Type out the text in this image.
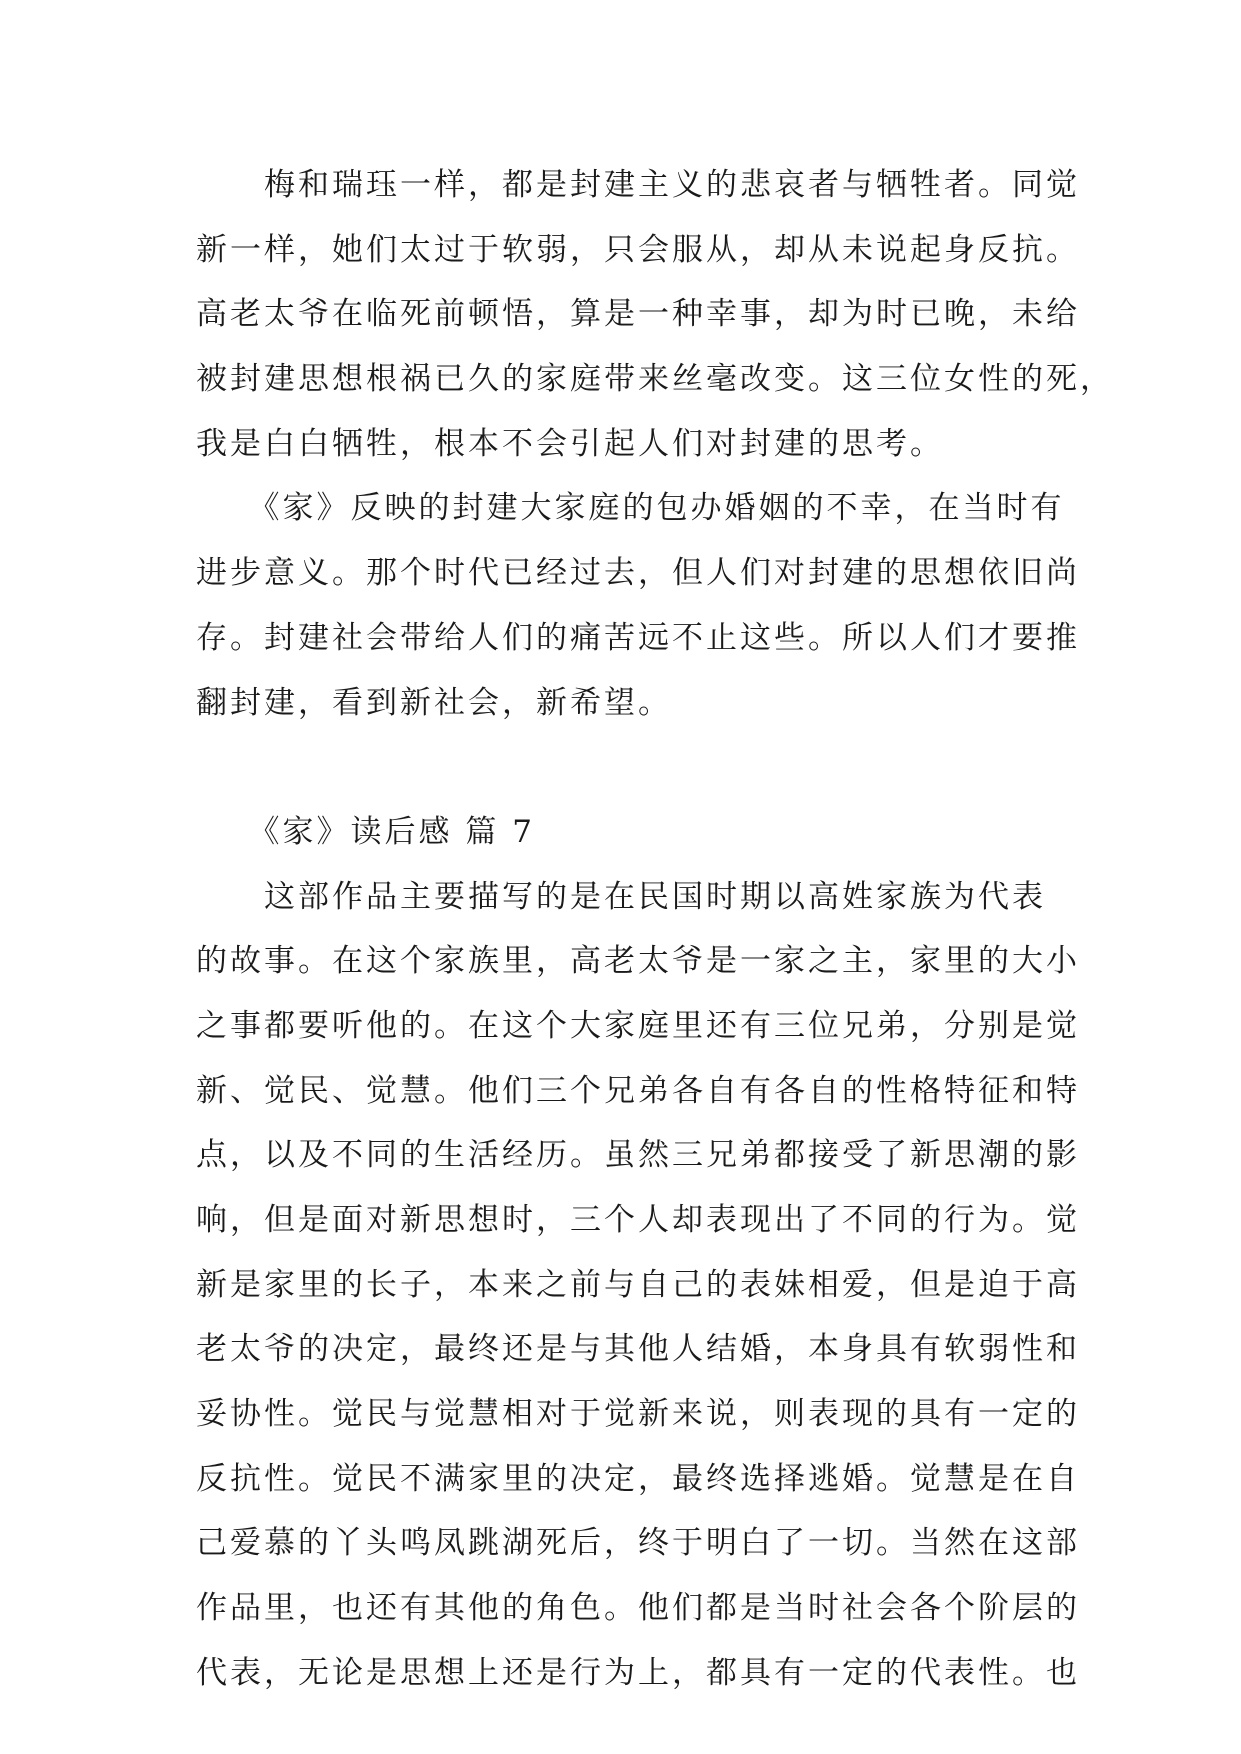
　　梅和瑞珏一样，都是封建主义的悲哀者与牺牲者。同觉
新一样，她们太过于软弱，只会服从，却从未说起身反抗。
高老太爷在临死前顿悟，算是一种幸事，却为时已晚，未给
被封建思想根祸已久的家庭带来丝毫改变。这三位女性的死，
我是白白牺牲，根本不会引起人们对封建的思考。
　　《家》反映的封建大家庭的包办婚姻的不幸，在当时有
进步意义。那个时代已经过去，但人们对封建的思想依旧尚
存。封建社会带给人们的痛苦远不止这些。所以人们才要推
翻封建，看到新社会，新希望。
　　《家》读后感 篇 7
　　这部作品主要描写的是在民国时期以高姓家族为代表
的故事。在这个家族里，高老太爷是一家之主，家里的大小
之事都要听他的。在这个大家庭里还有三位兄弟，分别是觉
新、觉民、觉慧。他们三个兄弟各自有各自的性格特征和特
点，以及不同的生活经历。虽然三兄弟都接受了新思潮的影
响，但是面对新思想时，三个人却表现出了不同的行为。觉
新是家里的长子，本来之前与自己的表妹相爱，但是迫于高
老太爷的决定，最终还是与其他人结婚，本身具有软弱性和
妥协性。觉民与觉慧相对于觉新来说，则表现的具有一定的
反抗性。觉民不满家里的决定，最终选择逃婚。觉慧是在自
己爱慕的丫头鸣凤跳湖死后，终于明白了一切。当然在这部
作品里，也还有其他的角色。他们都是当时社会各个阶层的
代表，无论是思想上还是行为上，都具有一定的代表性。也
